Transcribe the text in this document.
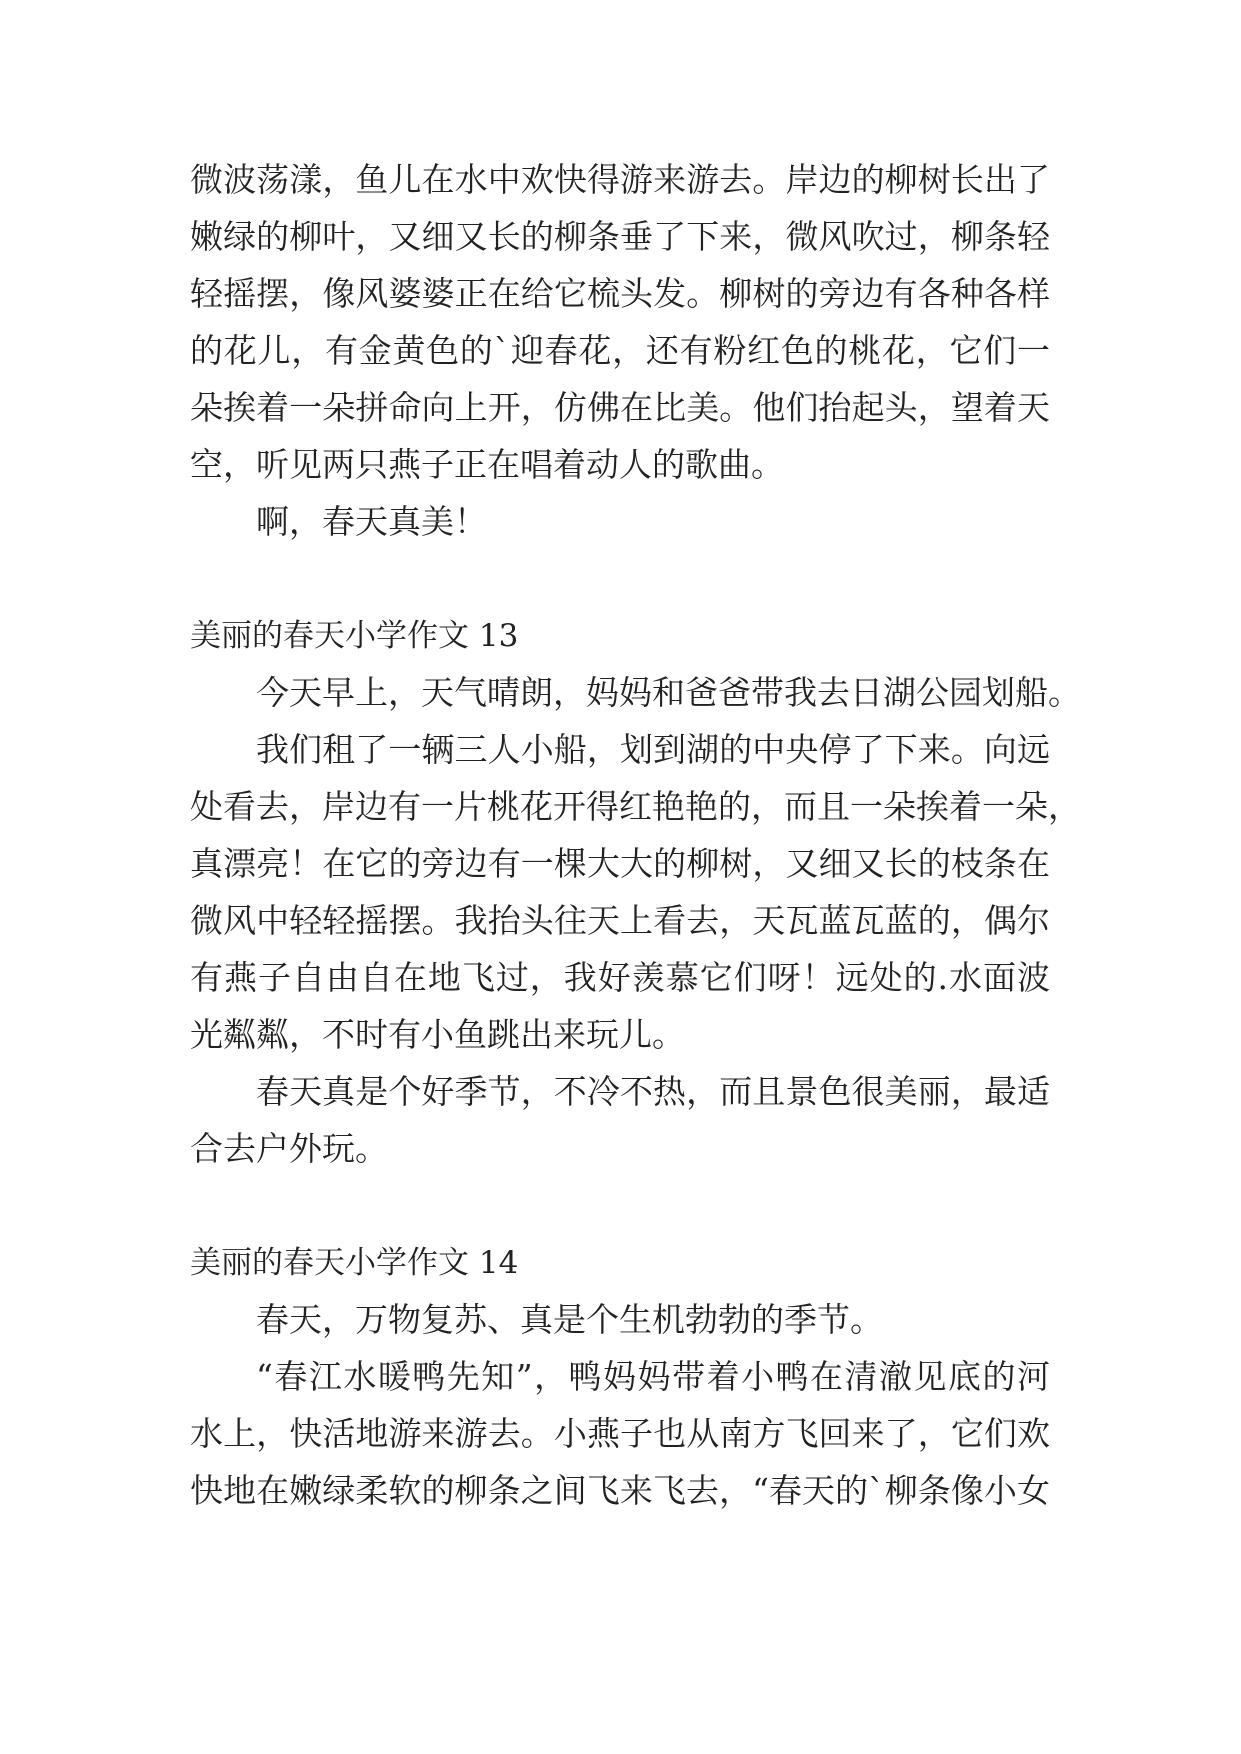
微波荡漾，鱼儿在水中欢快得游来游去。岸边的柳树长出了
嫩绿的柳叶，又细又长的柳条垂了下来，微风吹过，柳条轻
轻摇摆，像风婆婆正在给它梳头发。柳树的旁边有各种各样
的花儿，有金黄色的`迎春花，还有粉红色的桃花，它们一
朵挨着一朵拼命向上开，仿佛在比美。他们抬起头，望着天
空，听见两只燕子正在唱着动人的歌曲。
啊，春天真美！
美丽的春天小学作文 13
今天早上，天气晴朗，妈妈和爸爸带我去日湖公园划船。
我们租了一辆三人小船，划到湖的中央停了下来。向远
处看去，岸边有一片桃花开得红艳艳的，而且一朵挨着一朵，
真漂亮！在它的旁边有一棵大大的柳树，又细又长的枝条在
微风中轻轻摇摆。我抬头往天上看去，天瓦蓝瓦蓝的，偶尔
有燕子自由自在地飞过，我好羡慕它们呀！远处的.水面波
光粼粼，不时有小鱼跳出来玩儿。
春天真是个好季节，不冷不热，而且景色很美丽，最适
合去户外玩。
美丽的春天小学作文 14
春天，万物复苏、真是个生机勃勃的季节。
“春江水暖鸭先知”，鸭妈妈带着小鸭在清澈见底的河
水上，快活地游来游去。小燕子也从南方飞回来了，它们欢
快地在嫩绿柔软的柳条之间飞来飞去，“春天的`柳条像小女
